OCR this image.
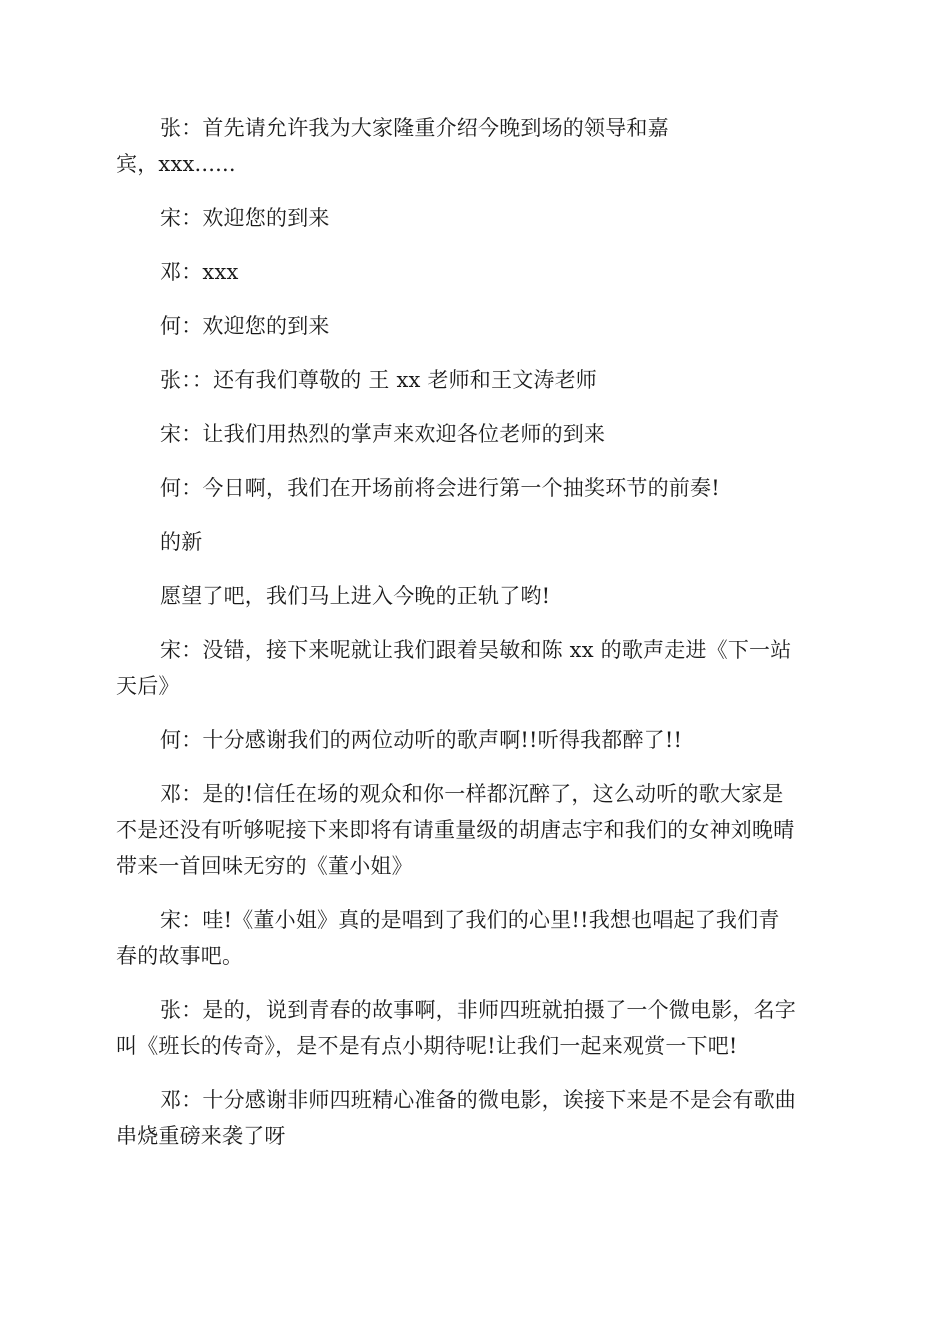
张：首先请允许我为大家隆重介绍今晚到场的领导和嘉
宾，xxx......

宋：欢迎您的到来

邓：xxx

何：欢迎您的到来

张：：还有我们尊敬的 王 xx 老师和王文涛老师

宋：让我们用热烈的掌声来欢迎各位老师的到来

何：今日啊，我们在开场前将会进行第一个抽奖环节的前奏!

的新

愿望了吧，我们马上进入今晚的正轨了哟!

宋：没错，接下来呢就让我们跟着吴敏和陈 xx 的歌声走进《下一站
天后》

何：十分感谢我们的两位动听的歌声啊!!听得我都醉了!!

邓：是的!信任在场的观众和你一样都沉醉了，这么动听的歌大家是
不是还没有听够呢接下来即将有请重量级的胡唐志宇和我们的女神刘晚晴
带来一首回味无穷的《董小姐》

宋：哇!《董小姐》真的是唱到了我们的心里!!我想也唱起了我们青
春的故事吧。

张：是的，说到青春的故事啊，非师四班就拍摄了一个微电影，名字
叫《班长的传奇》，是不是有点小期待呢!让我们一起来观赏一下吧!

邓：十分感谢非师四班精心准备的微电影，诶接下来是不是会有歌曲
串烧重磅来袭了呀
